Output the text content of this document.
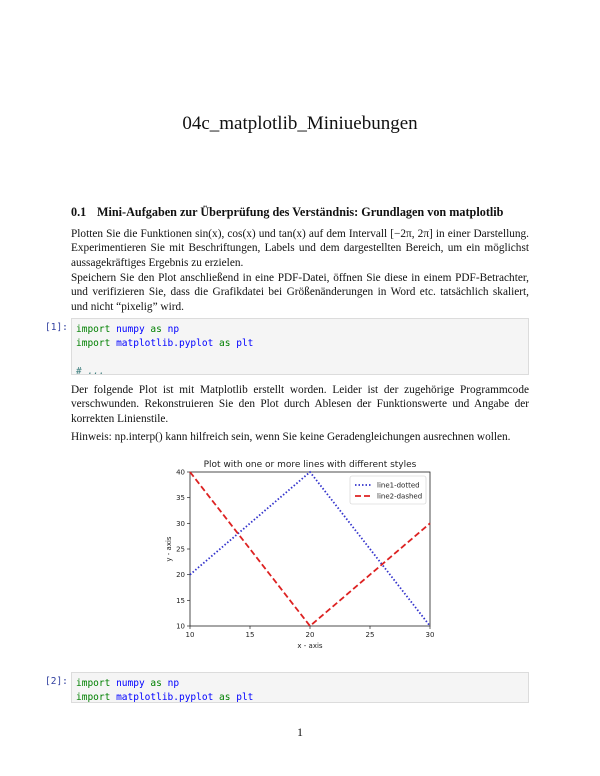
04c_matplotlib_Miniuebungen
0.1 Mini-Aufgaben zur Überprüfung des Verständnis: Grundlagen von matplotlib
Plotten Sie die Funktionen sin(x), cos(x) und tan(x) auf dem Intervall [−2π, 2π] in einer Darstellung. Experimentieren Sie mit Beschriftungen, Labels und dem dargestellten Bereich, um ein möglichst aussagekräftiges Ergebnis zu erzielen.
Speichern Sie den Plot anschließend in eine PDF-Datei, öffnen Sie diese in einem PDF-Betrachter, und verifizieren Sie, dass die Grafikdatei bei Größenänderungen in Word etc. tatsächlich skaliert, und nicht “pixelig” wird.
[1]: import numpy as np
import matplotlib.pyplot as plt
# ...
Der folgende Plot ist mit Matplotlib erstellt worden. Leider ist der zugehörige Programmcode verschwunden. Rekonstruieren Sie den Plot durch Ablesen der Funktionswerte und Angabe der korrekten Linienstile.
Hinweis: np.interp() kann hilfreich sein, wenn Sie keine Geradengleichungen ausrechnen wollen.
Plot with one or more lines with different styles
10	15	20	25	30
10
15
20
25
30
35
40
x - axis
y - axis
line1-dotted
line2-dashed
[2]: import numpy as np
import matplotlib.pyplot as plt
1
